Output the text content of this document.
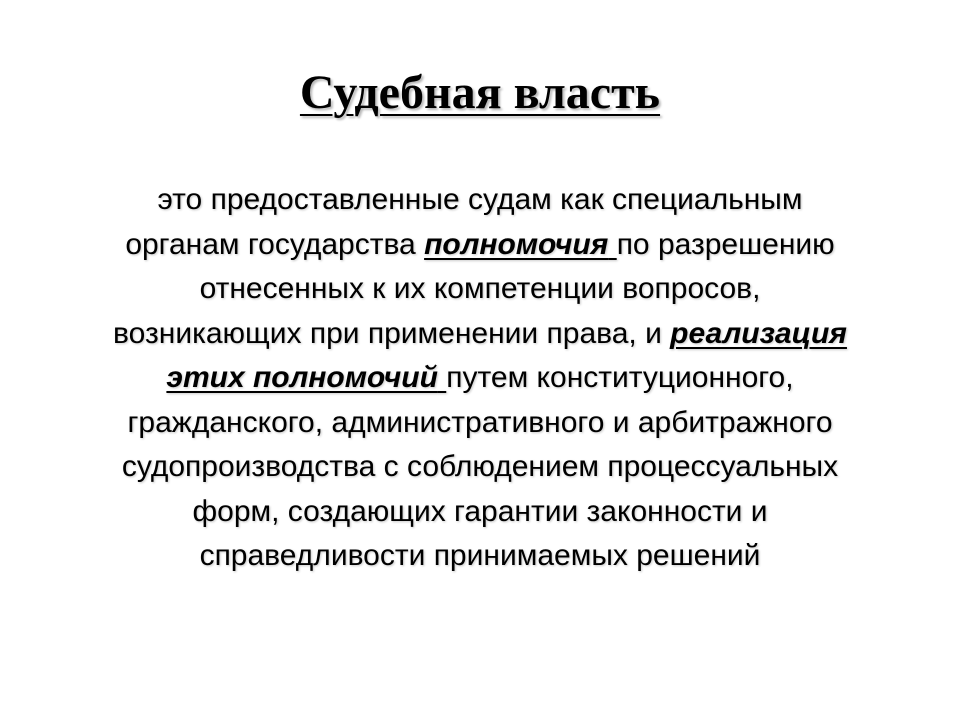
Судебная власть
это предоставленные судам как специальным
органам государства полномочия по разрешению
отнесенных к их компетенции вопросов,
возникающих при применении права, и реализация
этих полномочий путем конституционного,
гражданского, административного и арбитражного
судопроизводства с соблюдением процессуальных
форм, создающих гарантии законности и
справедливости принимаемых решений
